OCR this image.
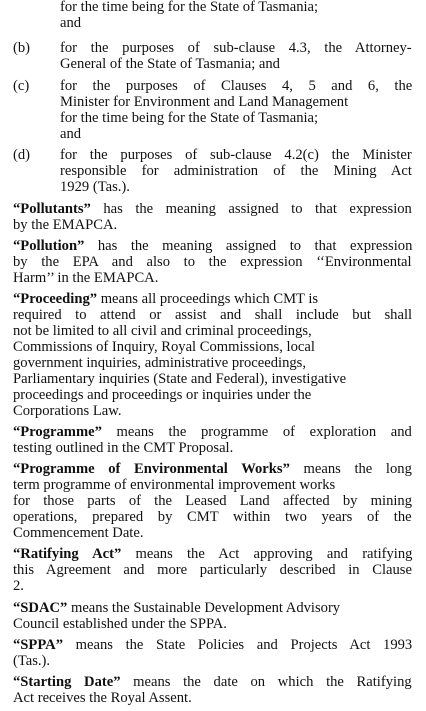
for the time being for the State of Tasmania;
and
(b) for the purposes of sub-clause 4.3, the Attorney-
General of the State of Tasmania; and
(c) for the purposes of Clauses 4, 5 and 6, the
Minister for Environment and Land Management
for the time being for the State of Tasmania;
and
(d) for the purposes of sub-clause 4.2(c) the Minister
responsible for administration of the Mining Act
1929 (Tas.).
“Pollutants” has the meaning assigned to that expression
by the EMAPCA.
“Pollution” has the meaning assigned to that expression
by the EPA and also to the expression ‘‘Environmental
Harm’’ in the EMAPCA.
“Proceeding” means all proceedings which CMT is
required to attend or assist and shall include but shall
not be limited to all civil and criminal proceedings,
Commissions of Inquiry, Royal Commissions, local
government inquiries, administrative proceedings,
Parliamentary inquiries (State and Federal), investigative
proceedings and proceedings or inquiries under the
Corporations Law.
“Programme” means the programme of exploration and
testing outlined in the CMT Proposal.
“Programme of Environmental Works” means the long
term programme of environmental improvement works
for those parts of the Leased Land affected by mining
operations, prepared by CMT within two years of the
Commencement Date.
“Ratifying Act” means the Act approving and ratifying
this Agreement and more particularly described in Clause
2.
“SDAC” means the Sustainable Development Advisory
Council established under the SPPA.
“SPPA” means the State Policies and Projects Act 1993
(Tas.).
“Starting Date” means the date on which the Ratifying
Act receives the Royal Assent.
